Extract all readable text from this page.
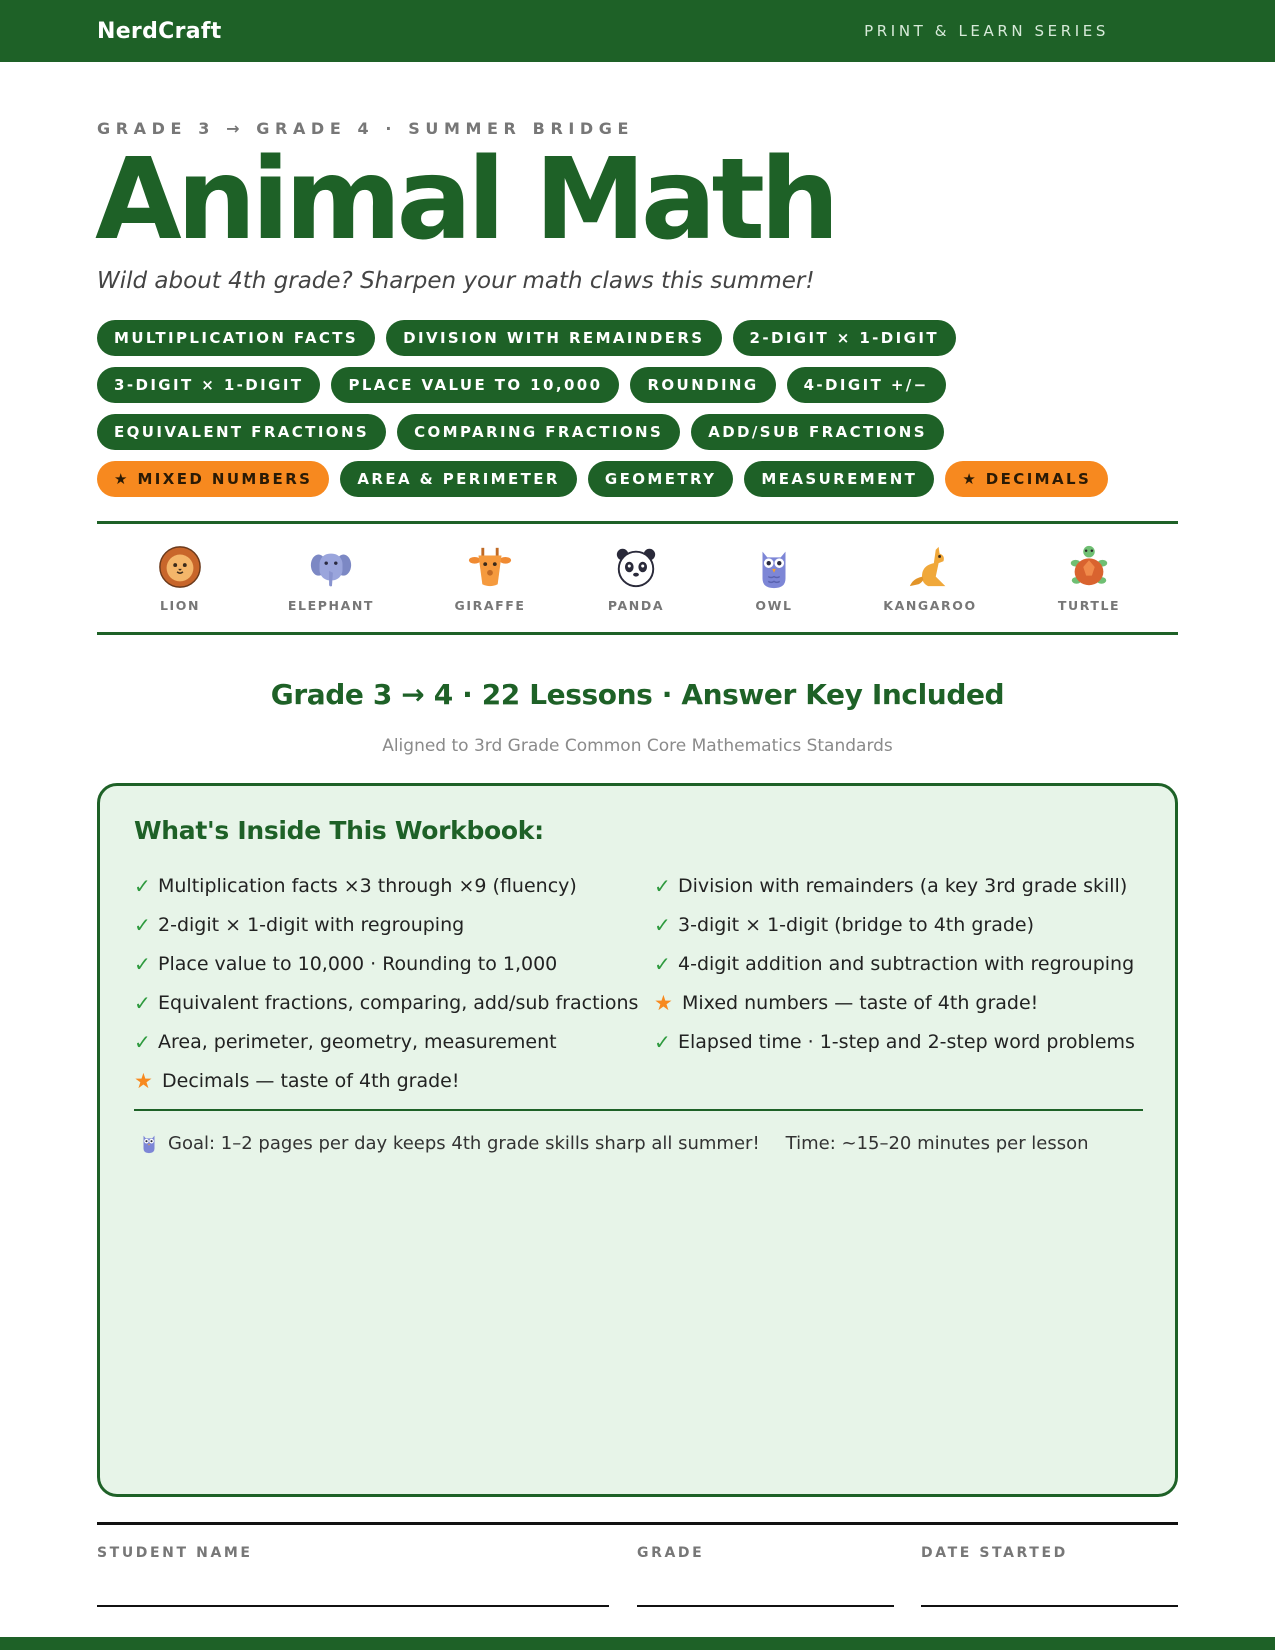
NerdCraft	PRINT & LEARN SERIES
GRADE 3 → GRADE 4 · SUMMER BRIDGE
Animal Math
Wild about 4th grade? Sharpen your math claws this summer!
MULTIPLICATION FACTS	DIVISION WITH REMAINDERS	2-DIGIT × 1-DIGIT
3-DIGIT × 1-DIGIT	PLACE VALUE TO 10,000	ROUNDING	4-DIGIT +/−
EQUIVALENT FRACTIONS	COMPARING FRACTIONS	ADD/SUB FRACTIONS
★ MIXED NUMBERS	AREA & PERIMETER	GEOMETRY	MEASUREMENT	★ DECIMALS
LION	ELEPHANT	GIRAFFE	PANDA	OWL	KANGAROO	TURTLE
Grade 3 → 4 · 22 Lessons · Answer Key Included
Aligned to 3rd Grade Common Core Mathematics Standards
What's Inside This Workbook:
✓ Multiplication facts ×3 through ×9 (fluency)	✓ Division with remainders (a key 3rd grade skill)
✓ 2-digit × 1-digit with regrouping	✓ 3-digit × 1-digit (bridge to 4th grade)
✓ Place value to 10,000 · Rounding to 1,000	✓ 4-digit addition and subtraction with regrouping
✓ Equivalent fractions, comparing, add/sub fractions ★ Mixed numbers — taste of 4th grade!
✓ Area, perimeter, geometry, measurement	✓ Elapsed time · 1-step and 2-step word problems
★ Decimals — taste of 4th grade!
Goal: 1–2 pages per day keeps 4th grade skills sharp all summer! Time: ~15–20 minutes per lesson
STUDENT NAME	GRADE	DATE STARTED
